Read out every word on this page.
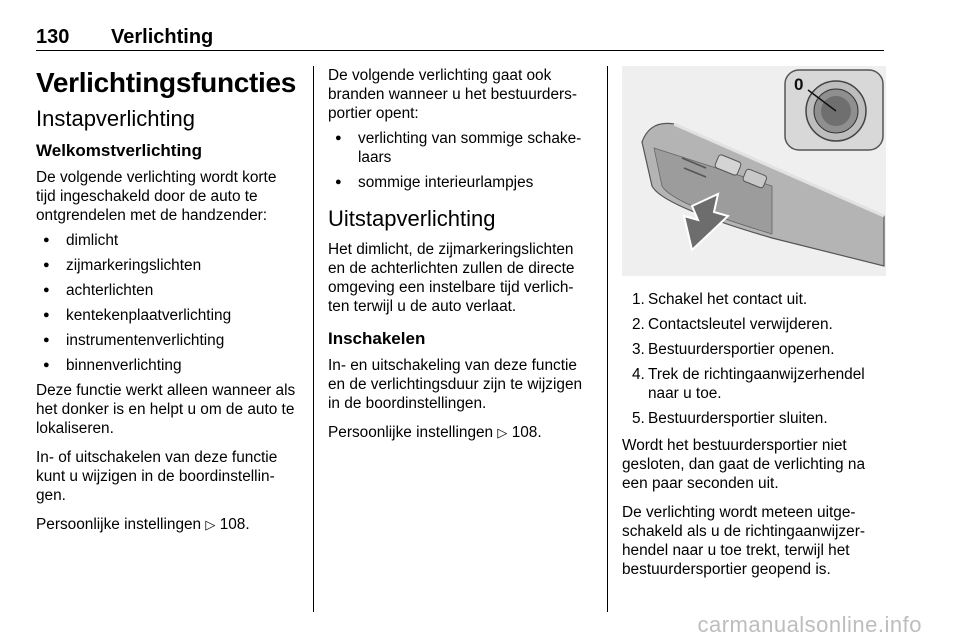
130 Verlichting
Verlichtingsfuncties
Instapverlichting
Welkomstverlichting

De volgende verlichting wordt korte tijd ingeschakeld door de auto te ontgrendelen met de handzender:

● dimlicht
● zijmarkeringslichten
● achterlichten
● kentekenplaatverlichting
● instrumentenverlichting
● binnenverlichting

Deze functie werkt alleen wanneer als het donker is en helpt u om de auto te lokaliseren.

In- of uitschakelen van deze functie kunt u wijzigen in de boordinstellin-gen.

Persoonlijke instellingen ▷ 108.

De volgende verlichting gaat ook branden wanneer u het bestuurders-portier opent:

● verlichting van sommige schake-laars
● sommige interieurlampjes
Uitstapverlichting

Het dimlicht, de zijmarkeringslichten en de achterlichten zullen de directe omgeving een instelbare tijd verlich-ten terwijl u de auto verlaat.

Inschakelen

In- en uitschakeling van deze functie en de verlichtingsduur zijn te wijzigen in de boordinstellingen.

Persoonlijke instellingen ▷ 108.

0
1. Schakel het contact uit.
2. Contactsleutel verwijderen.
3. Bestuurdersportier openen.
4. Trek de richtingaanwijzerhendel naar u toe.
5. Bestuurdersportier sluiten.

Wordt het bestuurdersportier niet gesloten, dan gaat de verlichting na een paar seconden uit.

De verlichting wordt meteen uitge-schakeld als u de richtingaanwijzer-hendel naar u toe trekt, terwijl het bestuurdersportier geopend is.

carmanualsonline.info
